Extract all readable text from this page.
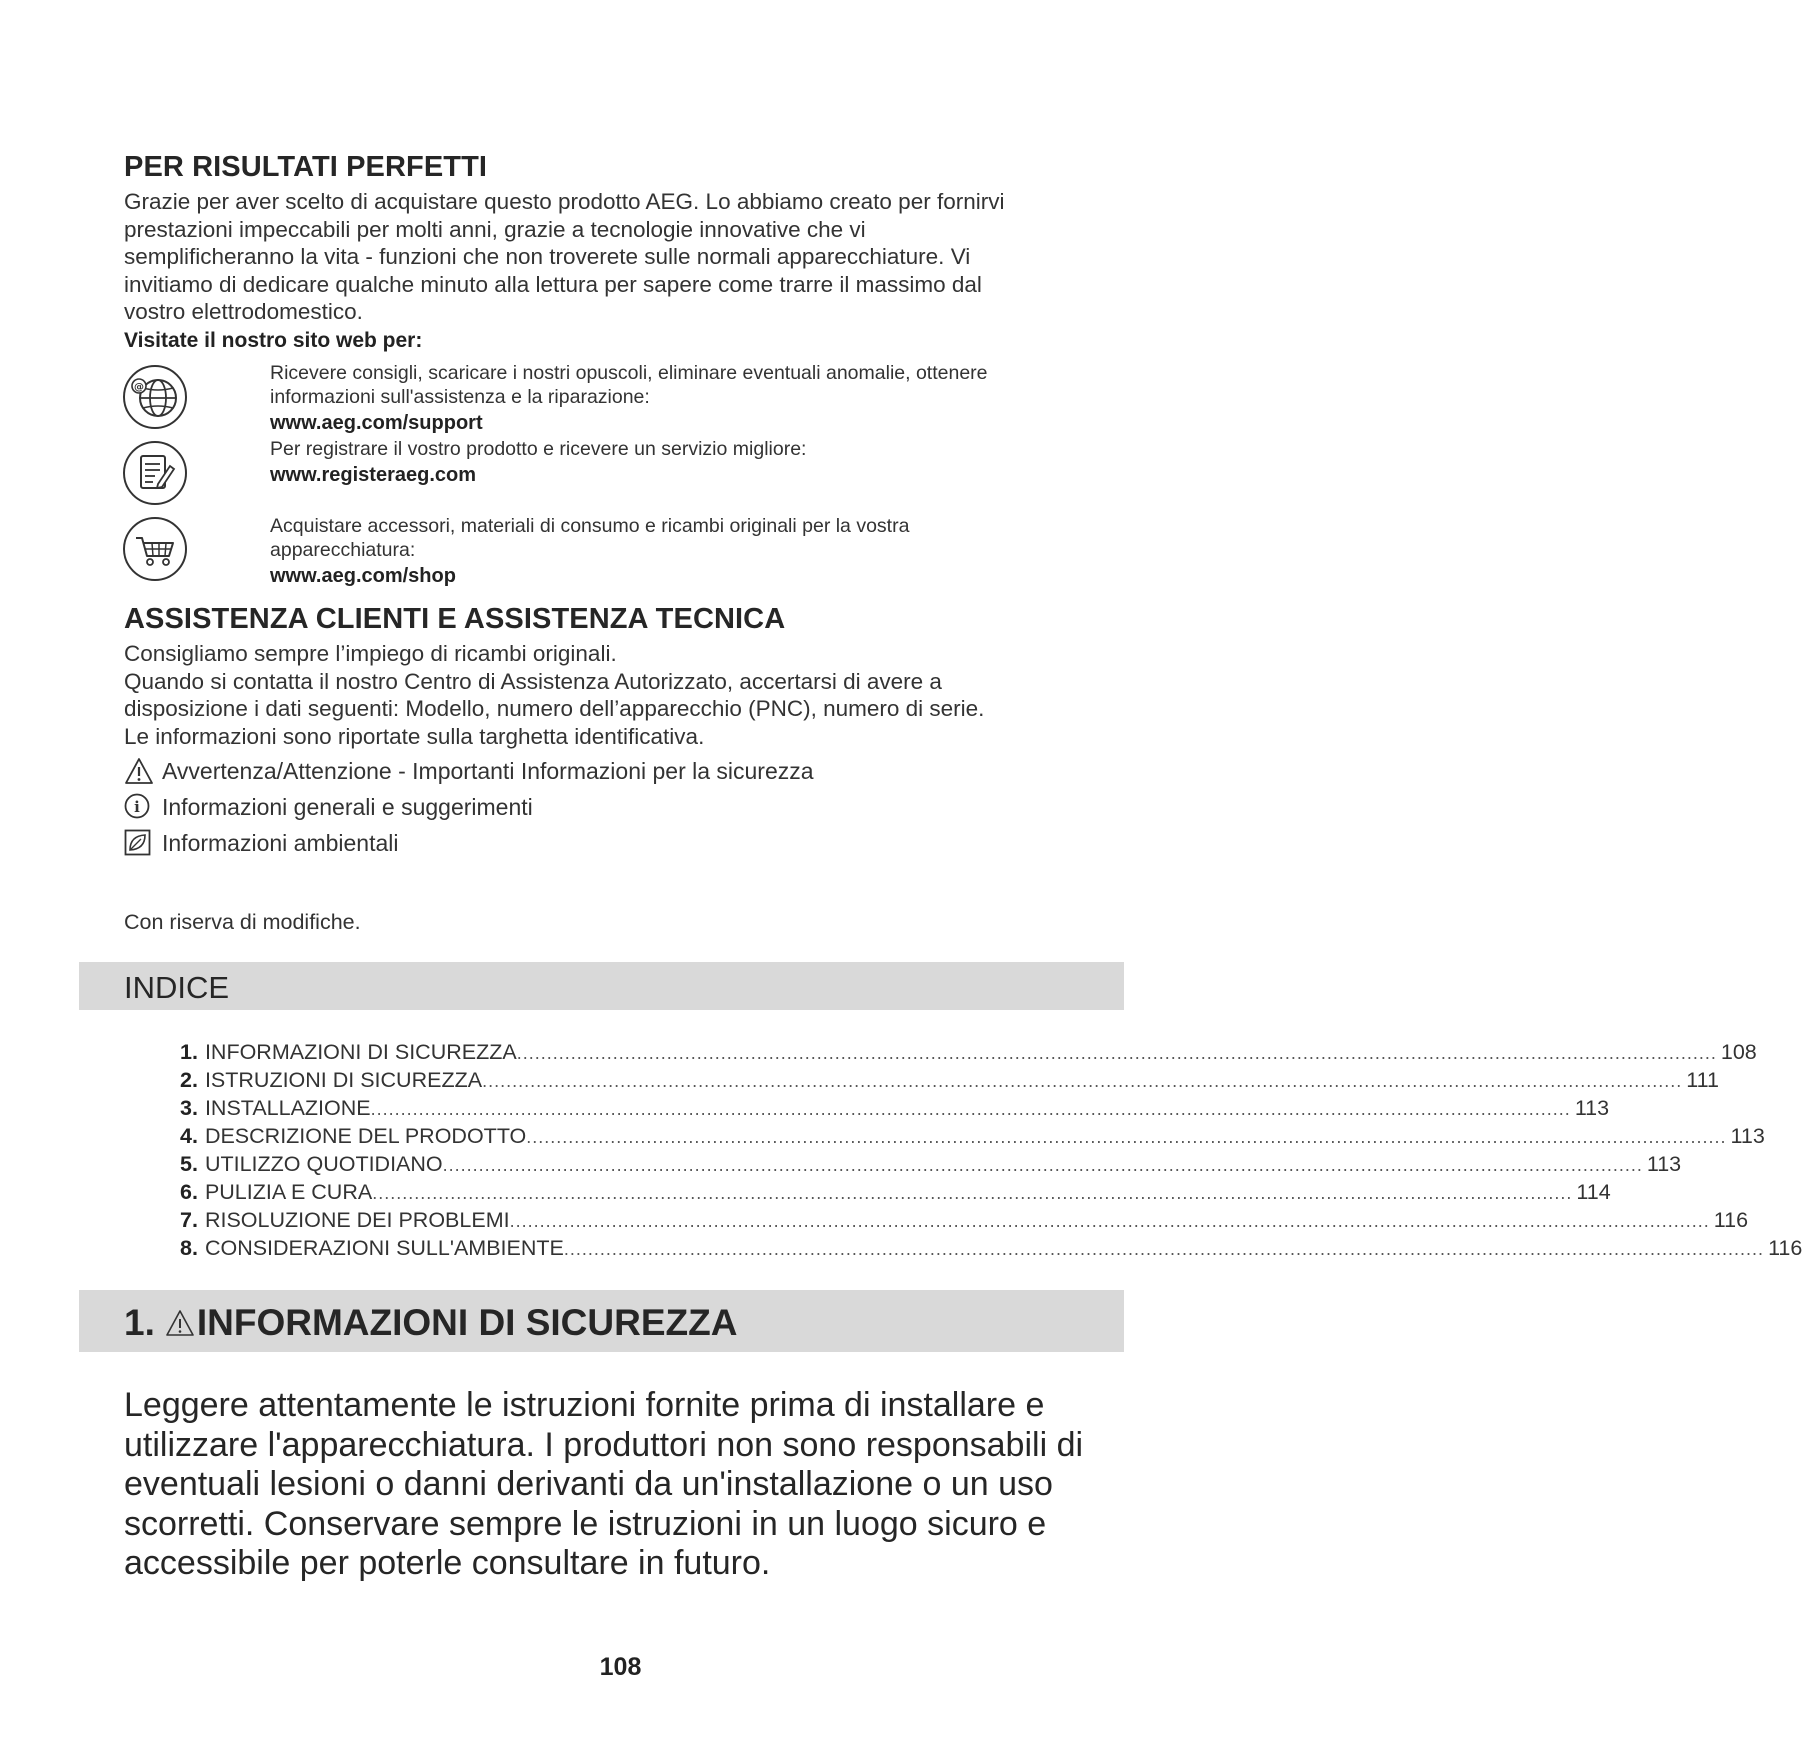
PER RISULTATI PERFETTI

Grazie per aver scelto di acquistare questo prodotto AEG. Lo abbiamo creato per fornirvi
prestazioni impeccabili per molti anni, grazie a tecnologie innovative che vi
semplificheranno la vita - funzioni che non troverete sulle normali apparecchiature. Vi
invitiamo di dedicare qualche minuto alla lettura per sapere come trarre il massimo dal
vostro elettrodomestico.

Visitate il nostro sito web per:
@
Ricevere consigli, scaricare i nostri opuscoli, eliminare eventuali anomalie, ottenere
informazioni sull'assistenza e la riparazione:
www.aeg.com/support
Per registrare il vostro prodotto e ricevere un servizio migliore:
www.registeraeg.com
Acquistare accessori, materiali di consumo e ricambi originali per la vostra
apparecchiatura:
www.aeg.com/shop
ASSISTENZA CLIENTI E ASSISTENZA TECNICA

Consigliamo sempre l’impiego di ricambi originali.
Quando si contatta il nostro Centro di Assistenza Autorizzato, accertarsi di avere a
disposizione i dati seguenti: Modello, numero dell’apparecchio (PNC), numero di serie.
Le informazioni sono riportate sulla targhetta identificativa.

Avvertenza/Attenzione - Importanti Informazioni per la sicurezza
i Informazioni generali e suggerimenti
Informazioni ambientali
Con riserva di modifiche.
INDICE
1. INFORMAZIONI DI SICUREZZA ........................................................................................................................................................................................................ 108
2. ISTRUZIONI DI SICUREZZA ........................................................................................................................................................................................................ 111
3. INSTALLAZIONE ........................................................................................................................................................................................................ 113
4. DESCRIZIONE DEL PRODOTTO ........................................................................................................................................................................................................ 113
5. UTILIZZO QUOTIDIANO ........................................................................................................................................................................................................ 113
6. PULIZIA E CURA ........................................................................................................................................................................................................ 114
7. RISOLUZIONE DEI PROBLEMI ........................................................................................................................................................................................................ 116
8. CONSIDERAZIONI SULL'AMBIENTE ........................................................................................................................................................................................................ 116
1. INFORMAZIONI DI SICUREZZA

Leggere attentamente le istruzioni fornite prima di installare e utilizzare l'apparecchiatura. I produttori non sono responsabili di eventuali lesioni o danni derivanti da un'installazione o un uso scorretti. Conservare sempre le istruzioni in un luogo sicuro e accessibile per poterle consultare in futuro.

108
